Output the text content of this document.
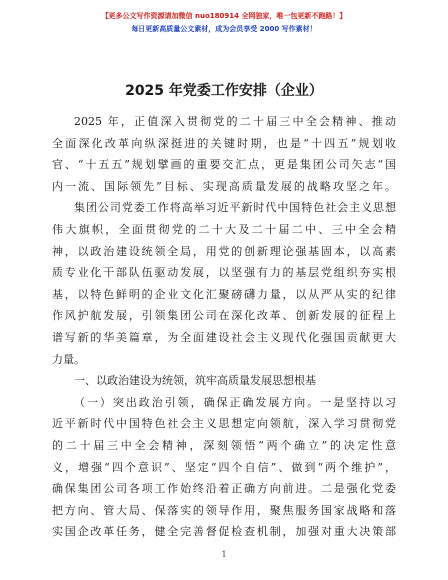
【更多公文写作资源请加微信 nuo180914 全网独家，唯一包更新不跑路！】
每日更新高质量公文素材，成为会员享受 2000 写作素材！
2025 年党委工作安排（企业）
2025 年，正值深入贯彻党的二十届三中全会精神、推动
全面深化改革向纵深挺进的关键时期，也是“十四五”规划收
官、“十五五”规划擘画的重要交汇点，更是集团公司矢志“国
内一流、国际领先”目标、实现高质量发展的战略攻坚之年。
集团公司党委工作将高举习近平新时代中国特色社会主义思想
伟大旗帜，全面贯彻党的二十大及二十届二中、三中全会精
神，以政治建设统领全局，用党的创新理论强基固本，以高素
质专业化干部队伍驱动发展，以坚强有力的基层党组织夯实根
基，以特色鲜明的企业文化汇聚磅礴力量，以从严从实的纪律
作风护航发展，引领集团公司在深化改革、创新发展的征程上
谱写新的华美篇章，为全面建设社会主义现代化强国贡献更大
力量。
一、以政治建设为统领，筑牢高质量发展思想根基
（一）突出政治引领，确保正确发展方向。一是坚持以习
近平新时代中国特色社会主义思想定向领航，深入学习贯彻党
的二十届三中全会精神，深刻领悟“两个确立”的决定性意
义，增强“四个意识”、坚定“四个自信”、做到“两个维护”，
确保集团公司各项工作始终沿着正确方向前进。二是强化党委
把方向、管大局、保落实的领导作用，聚焦服务国家战略和落
实国企改革任务，健全完善督促检查机制，加强对重大决策部
1
